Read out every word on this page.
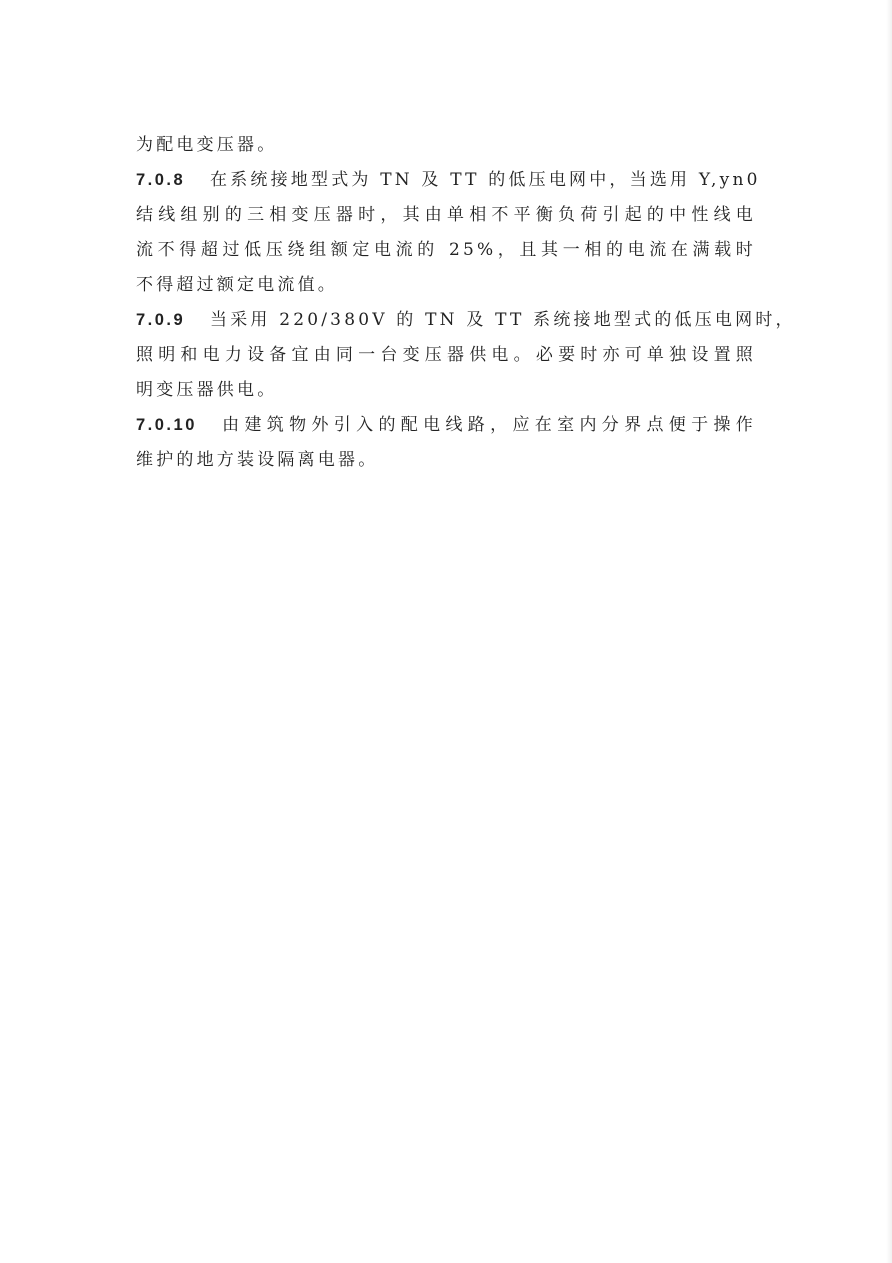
为配电变压器。
7.0.8 在系统接地型式为 TN 及 TT 的低压电网中，当选用 Y,yn0
结线组别的三相变压器时，其由单相不平衡负荷引起的中性线电
流不得超过低压绕组额定电流的 25%，且其一相的电流在满载时
不得超过额定电流值。
7.0.9 当采用 220/380V 的 TN 及 TT 系统接地型式的低压电网时，
照明和电力设备宜由同一台变压器供电。必要时亦可单独设置照
明变压器供电。
7.0.10 由建筑物外引入的配电线路，应在室内分界点便于操作
维护的地方装设隔离电器。
